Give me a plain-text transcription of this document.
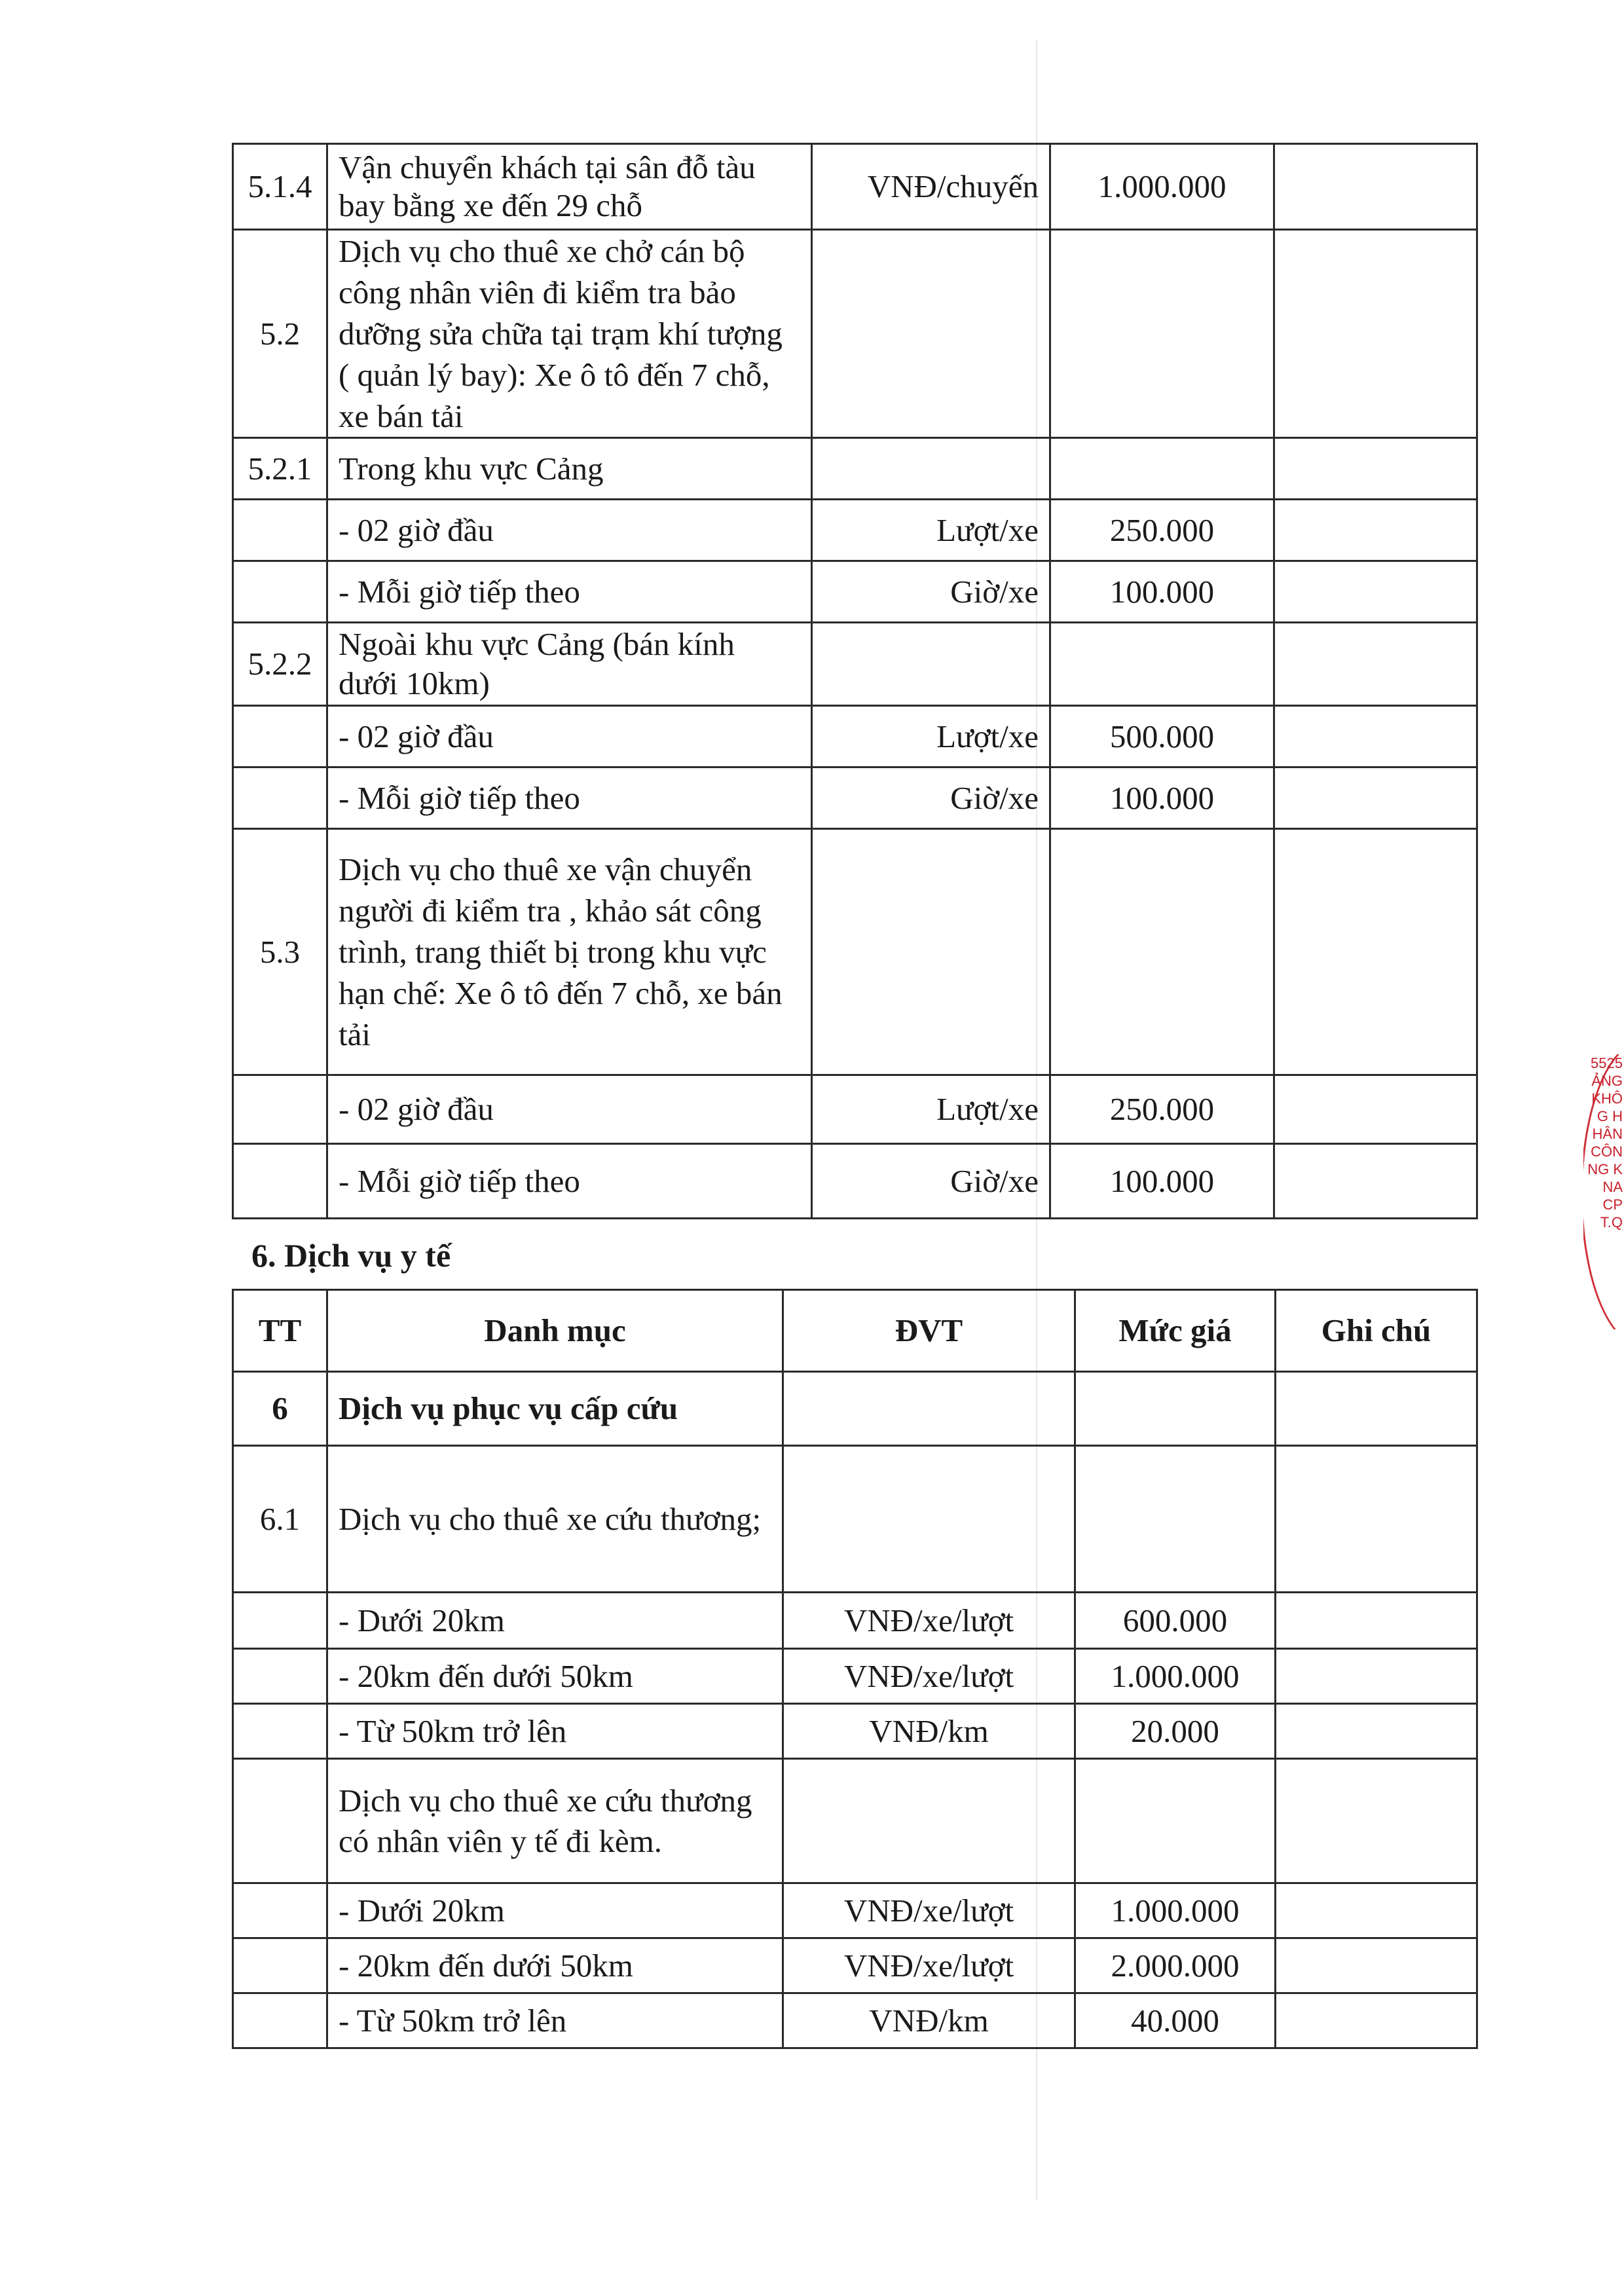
5.1.4	Vận chuyển khách tại sân đỗ tàu bay bằng xe đến 29 chỗ	VNĐ/chuyến	1.000.000	
5.2	Dịch vụ cho thuê xe chở cán bộ công nhân viên đi kiểm tra bảo dưỡng sửa chữa tại trạm khí tượng ( quản lý bay): Xe ô tô đến 7 chỗ, xe bán tải			
5.2.1	Trong khu vực Cảng			
	- 02 giờ đầu	Lượt/xe	250.000	
	- Mỗi giờ tiếp theo	Giờ/xe	100.000	
5.2.2	Ngoài khu vực Cảng (bán kính dưới 10km)			
	- 02 giờ đầu	Lượt/xe	500.000	
	- Mỗi giờ tiếp theo	Giờ/xe	100.000	
5.3	Dịch vụ cho thuê xe vận chuyển người đi kiểm tra , khảo sát công trình, trang thiết bị trong khu vực hạn chế: Xe ô tô đến 7 chỗ, xe bán tải			
	- 02 giờ đầu	Lượt/xe	250.000	
	- Mỗi giờ tiếp theo	Giờ/xe	100.000	
6. Dịch vụ y tế
TT	Danh mục	ĐVT	Mức giá	Ghi chú
6	Dịch vụ phục vụ cấp cứu			
6.1	Dịch vụ cho thuê xe cứu thương;			
	- Dưới 20km	VNĐ/xe/lượt	600.000	
	- 20km đến dưới 50km	VNĐ/xe/lượt	1.000.000	
	- Từ 50km trở lên	VNĐ/km	20.000	
	Dịch vụ cho thuê xe cứu thương có nhân viên y tế đi kèm.			
	- Dưới 20km	VNĐ/xe/lượt	1.000.000	
	- 20km đến dưới 50km	VNĐ/xe/lượt	2.000.000	
	- Từ 50km trở lên	VNĐ/km	40.000	
5525
ẢNG
KHÔ
G H
HÂN
CÔN
NG K
NA
CP
T.Q
